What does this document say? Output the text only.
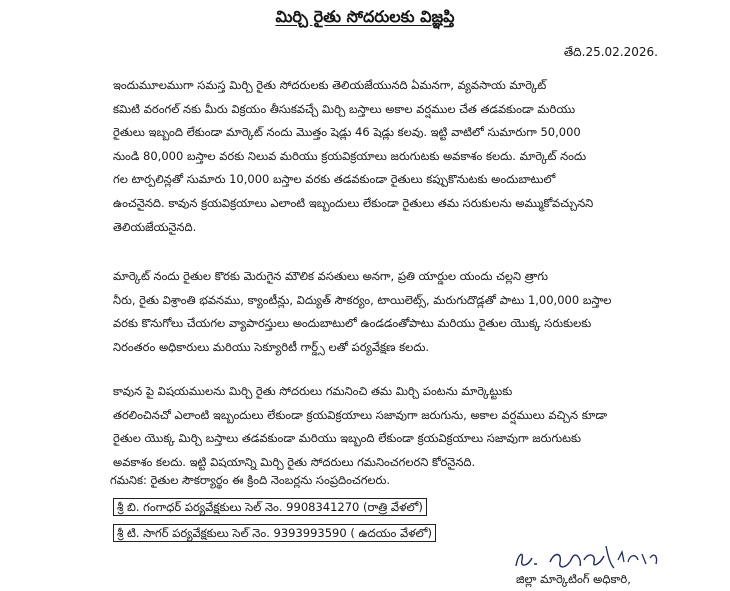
మిర్చి రైతు సోదరులకు విజ్ఞప్తి
తేది.25.02.2026.
ఇందుమూలముగా సమస్త మిర్చి రైతు సోదరులకు తెలియజేయునది ఏమనగా, వ్యవసాయ మార్కెట్
కమిటి వరంగల్ నకు మీరు విక్రయం తీసుకవచ్చే మిర్చి బస్తాలు అకాల వర్షముల చేత తడవకుండా మరియు
రైతులు ఇబ్బంది లేకుండా మార్కెట్ నందు మొత్తం షెడ్లు 46 షెడ్లు కలవు. ఇట్టి వాటిలో సుమారుగా 50,000
నుండి 80,000 బస్తాల వరకు నిలువ మరియు క్రయవిక్రయాలు జరుగుటకు అవకాశం కలదు. మార్కెట్ నందు
గల టార్పలిన్లతో సుమారు 10,000 బస్తాల వరకు తడవకుండా రైతులు కప్పుకొనుటకు అందుబాటులో
ఉంచనైనది. కావున క్రయవిక్రయాలు ఎలాంటి ఇబ్బందులు లేకుండా రైతులు తమ సరుకులను అమ్ముకోవచ్చునని
తెలియజేయనైనది.
మార్కెట్ నందు రైతుల కొరకు మెరుగైన మౌలిక వసతులు అనగా, ప్రతి యార్డుల యందు చల్లని త్రాగు
నీరు, రైతు విశ్రాంతి భవనము, క్యాంటీన్లు, విద్యుత్ సౌకర్యం, టాయిలెట్స్, మరుగుదొడ్లతో పాటు 1,00,000 బస్తాల
వరకు కొనుగోలు చేయగల వ్యాపారస్తులు అందుబాటులో ఉండడంతోపాటు మరియు రైతుల యొక్క సరుకులకు
నిరంతరం అధికారులు మరియు సెక్యూరిటీ గార్డ్స్ లతో పర్యవేక్షణ కలదు.
కావున పై విషయములను మిర్చి రైతు సోదరులు గమనించి తమ మిర్చి పంటను మార్కెట్టుకు
తరలించినచో ఎలాంటి ఇబ్బందులు లేకుండా క్రయవిక్రయాలు సజావుగా జరుగును, అకాల వర్షములు వచ్చిన కూడా
రైతుల యొక్క మిర్చి బస్తాలు తడవకుండా మరియు ఇబ్బంది లేకుండా క్రయవిక్రయాలు సజావుగా జరుగుటకు
అవకాశం కలదు. ఇట్టి విషయాన్ని మిర్చి రైతు సోదరులు గమనించగలరని కోరనైనది.
గమనిక: రైతుల సౌకర్యార్థం ఈ క్రింది నెంబర్లను సంప్రదించగలరు.
శ్రీ బి. గంగాధర్ పర్యవేక్షకులు సెల్ నెం. 9908341270 (రాత్రి వేళలో)
శ్రీ టి. సాగర్ పర్యవేక్షకులు సెల్ నెం. 9393993590 ( ఉదయం వేళలో)
జిల్లా మార్కెటింగ్ అధికారి,
